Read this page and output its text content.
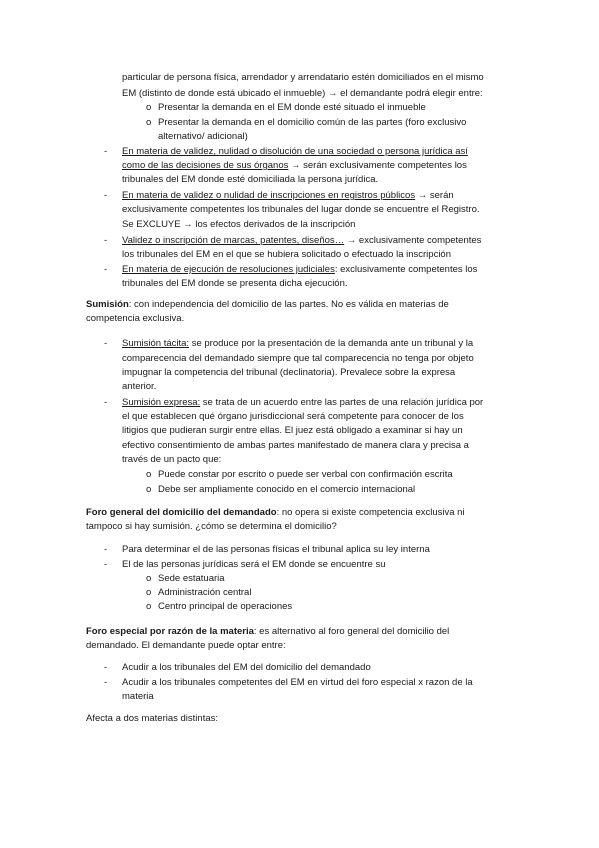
particular de persona física, arrendador y arrendatario estén domiciliados en el mismo
EM (distinto de donde está ubicado el inmueble) → el demandante podrá elegir entre:
o Presentar la demanda en el EM donde esté situado el inmueble
o Presentar la demanda en el domicilio común de las partes (foro exclusivo
alternativo/ adicional)
- En materia de validez, nulidad o disolución de una sociedad o persona jurídica así
como de las decisiones de sus órganos → serán exclusivamente competentes los
tribunales del EM donde esté domiciliada la persona jurídica.
- En materia de validez o nulidad de inscripciones en registros públicos → serán
exclusivamente competentes los tribunales del lugar donde se encuentre el Registro.
Se EXCLUYE → los efectos derivados de la inscripción
- Validez o inscripción de marcas, patentes, diseños… → exclusivamente competentes
los tribunales del EM en el que se hubiera solicitado o efectuado la inscripción
- En materia de ejecución de resoluciones judiciales: exclusivamente competentes los
tribunales del EM donde se presenta dicha ejecución.
Sumisión: con independencia del domicilio de las partes. No es válida en materias de
competencia exclusiva.
- Sumisión tácita: se produce por la presentación de la demanda ante un tribunal y la
comparecencia del demandado siempre que tal comparecencia no tenga por objeto
impugnar la competencia del tribunal (declinatoria). Prevalece sobre la expresa
anterior.
- Sumisión expresa: se trata de un acuerdo entre las partes de una relación jurídica por
el que establecen qué órgano jurisdiccional será competente para conocer de los
litigios que pudieran surgir entre ellas. El juez está obligado a examinar si hay un
efectivo consentimiento de ambas partes manifestado de manera clara y precisa a
través de un pacto que:
o Puede constar por escrito o puede ser verbal con confirmación escrita
o Debe ser ampliamente conocido en el comercio internacional
Foro general del domicilio del demandado: no opera si existe competencia exclusiva ni
tampoco si hay sumisión. ¿cómo se determina el domicilio?
- Para determinar el de las personas físicas el tribunal aplica su ley interna
- El de las personas jurídicas será el EM donde se encuentre su
o Sede estatuaria
o Administración central
o Centro principal de operaciones
Foro especial por razón de la materia: es alternativo al foro general del domicilio del
demandado. El demandante puede optar entre:
- Acudir a los tribunales del EM del domicilio del demandado
- Acudir a los tribunales competentes del EM en virtud del foro especial x razon de la
materia
Afecta a dos materias distintas:
